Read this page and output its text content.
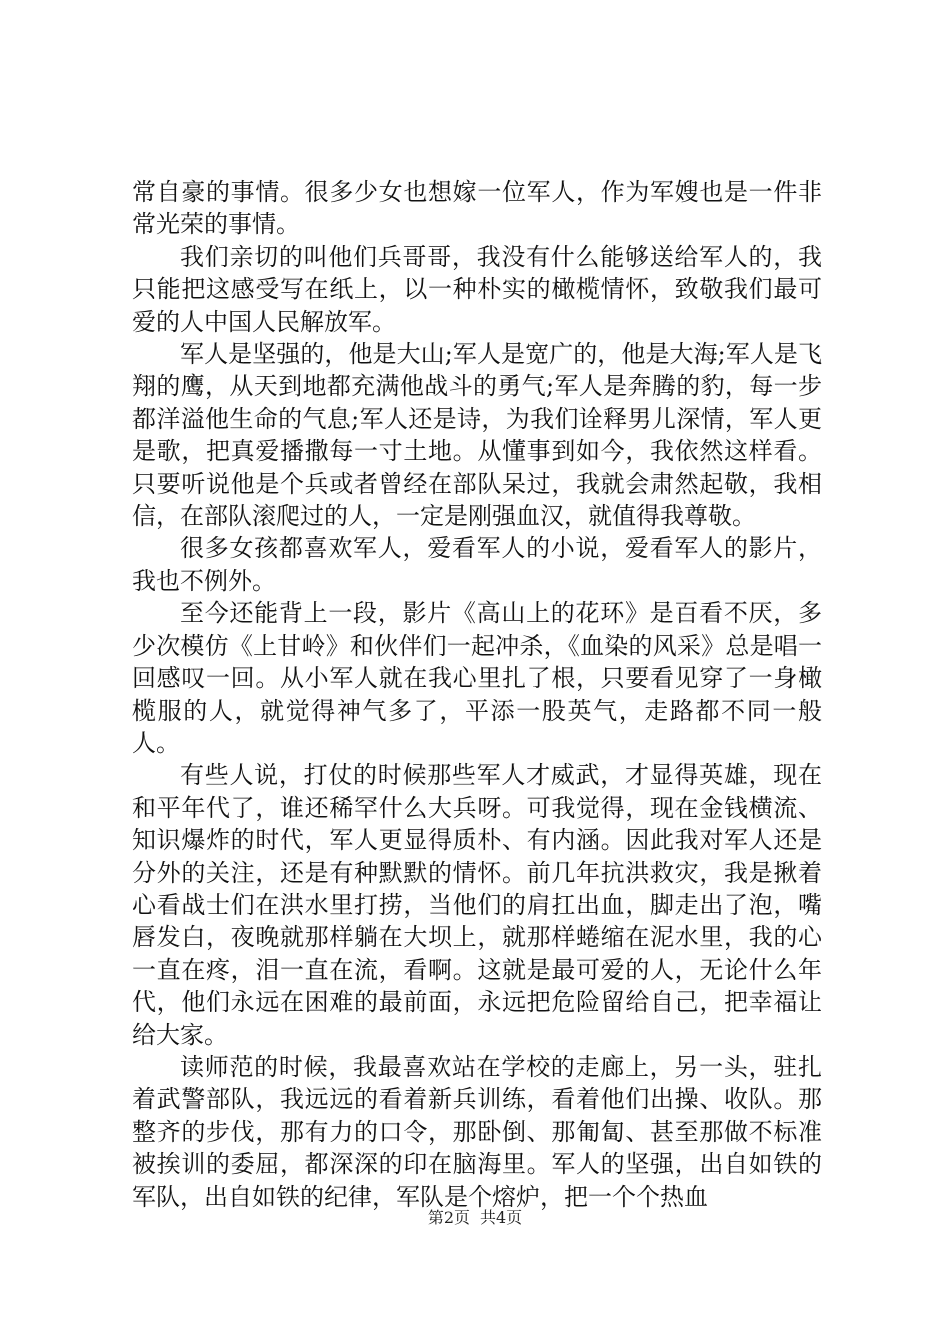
常自豪的事情。很多少女也想嫁一位军人，作为军嫂也是一件非常光荣的事情。

我们亲切的叫他们兵哥哥，我没有什么能够送给军人的，我只能把这感受写在纸上，以一种朴实的橄榄情怀，致敬我们最可爱的人中国人民解放军。

军人是坚强的，他是大山;军人是宽广的，他是大海;军人是飞翔的鹰，从天到地都充满他战斗的勇气;军人是奔腾的豹，每一步都洋溢他生命的气息;军人还是诗，为我们诠释男儿深情，军人更是歌，把真爱播撒每一寸土地。从懂事到如今，我依然这样看。只要听说他是个兵或者曾经在部队呆过，我就会肃然起敬，我相信，在部队滚爬过的人，一定是刚强血汉，就值得我尊敬。

很多女孩都喜欢军人，爱看军人的小说，爱看军人的影片，我也不例外。

至今还能背上一段，影片《高山上的花环》是百看不厌，多少次模仿《上甘岭》和伙伴们一起冲杀，《血染的风采》总是唱一回感叹一回。从小军人就在我心里扎了根，只要看见穿了一身橄榄服的人，就觉得神气多了，平添一股英气，走路都不同一般人。

有些人说，打仗的时候那些军人才威武，才显得英雄，现在和平年代了，谁还稀罕什么大兵呀。可我觉得，现在金钱横流、知识爆炸的时代，军人更显得质朴、有内涵。因此我对军人还是分外的关注，还是有种默默的情怀。前几年抗洪救灾，我是揪着心看战士们在洪水里打捞，当他们的肩扛出血，脚走出了泡，嘴唇发白，夜晚就那样躺在大坝上，就那样蜷缩在泥水里，我的心一直在疼，泪一直在流，看啊。这就是最可爱的人，无论什么年代，他们永远在困难的最前面，永远把危险留给自己，把幸福让给大家。

读师范的时候，我最喜欢站在学校的走廊上，另一头，驻扎着武警部队，我远远的看着新兵训练，看着他们出操、收队。那整齐的步伐，那有力的口令，那卧倒、那匍匐、甚至那做不标准被挨训的委屈，都深深的印在脑海里。军人的坚强，出自如铁的军队，出自如铁的纪律，军队是个熔炉，把一个个热血

第2页 共4页
